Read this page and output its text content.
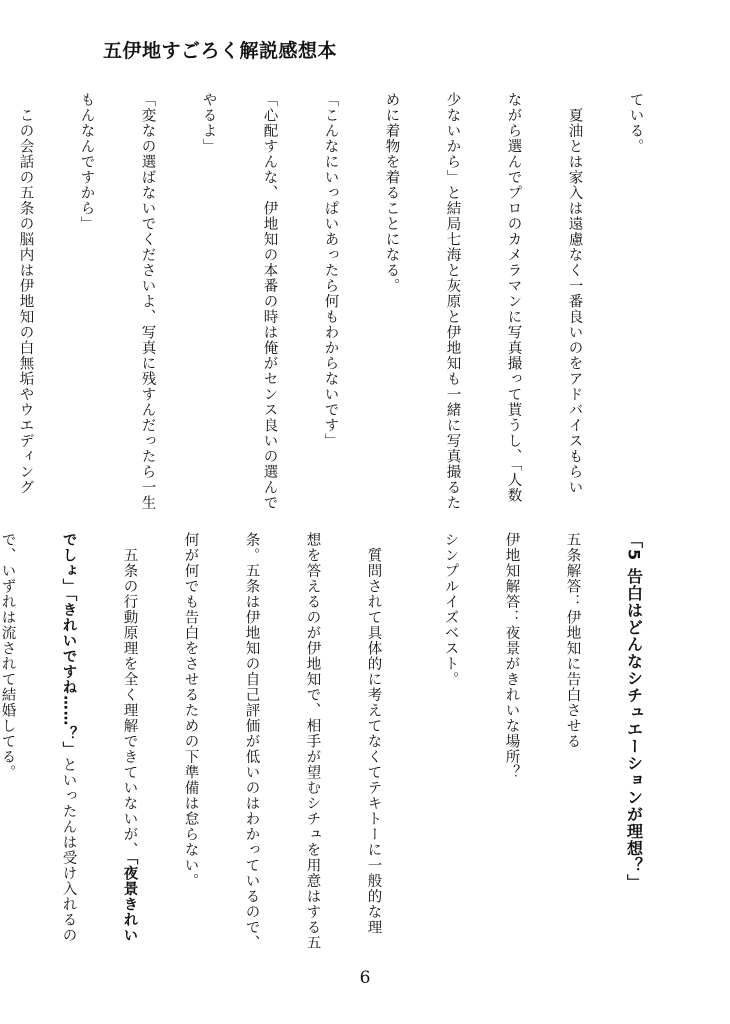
五伊地すごろく解説感想本

ている。

　夏油とは家入は遠慮なく一番良いのをアドバイスもらい

ながら選んでプロのカメラマンに写真撮って貰うし、「人数

少ないから」と結局七海と灰原と伊地知も一緒に写真撮るた

めに着物を着ることになる。

「こんなにいっぱいあったら何もわからないです」

「心配すんな、伊地知の本番の時は俺がセンス良いの選んで

やるよ」

「変なの選ばないでくださいよ、写真に残すんだったら一生

もんなんですから」

　この会話の五条の脳内は伊地知の白無垢やウエディング

「5 告白はどんなシチュエーションが理想？」

五条解答：伊地知に告白させる

伊地知解答：夜景がきれいな場所？

シンプルイズベスト。

　質問されて具体的に考えてなくてテキトーに一般的な理

想を答えるのが伊地知で、相手が望むシチュを用意はする五

条。五条は伊地知の自己評価が低いのはわかっているので、

何が何でも告白をさせるための下準備は怠らない。

　五条の行動原理を全く理解できていないが、「夜景きれい

でしょ」「きれいですね……？」といったんは受け入れるの

で、いずれは流されて結婚してる。

6
